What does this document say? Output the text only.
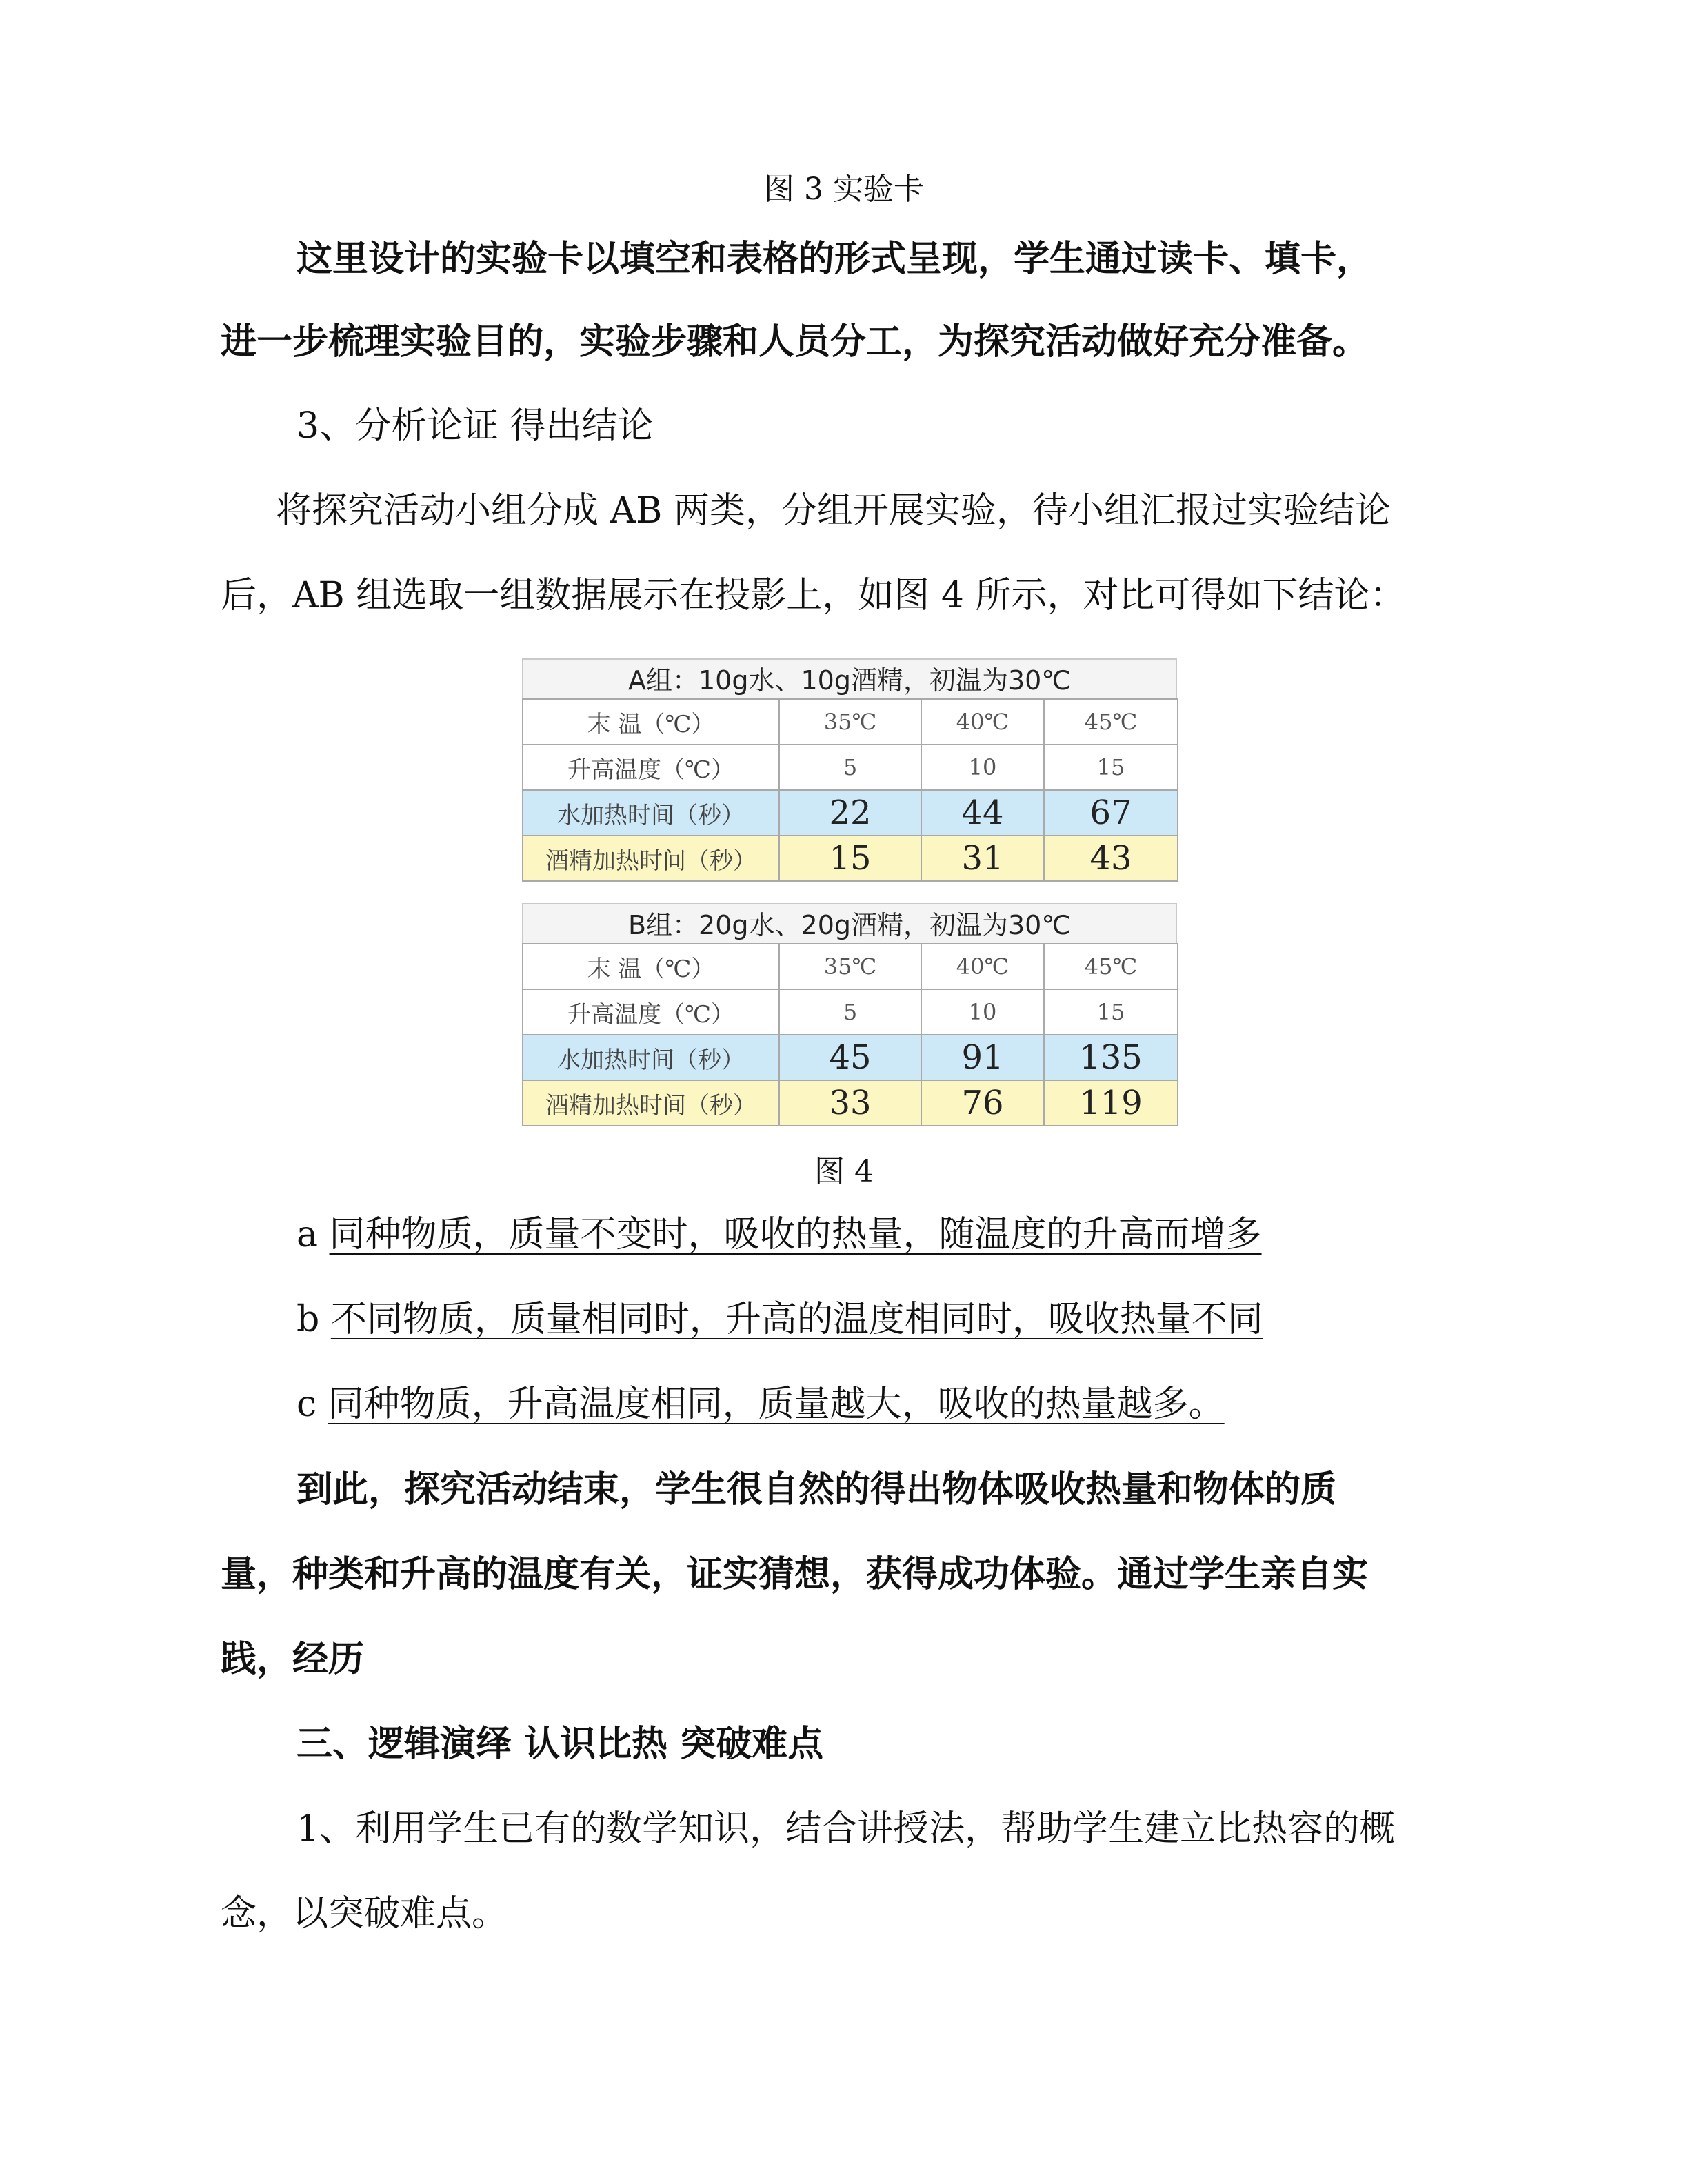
图 3 实验卡
这里设计的实验卡以填空和表格的形式呈现，学生通过读卡、填卡，
进一步梳理实验目的，实验步骤和人员分工，为探究活动做好充分准备。
3、分析论证 得出结论
将探究活动小组分成 AB 两类，分组开展实验，待小组汇报过实验结论
后，AB 组选取一组数据展示在投影上，如图 4 所示，对比可得如下结论：
A组：10g水、10g酒精，初温为30℃
末 温（℃）	35℃	40℃	45℃
升高温度（℃）	5	10	15
水加热时间（秒）	22	44	67
酒精加热时间（秒）	15	31	43
B组：20g水、20g酒精，初温为30℃
末 温（℃）	35℃	40℃	45℃
升高温度（℃）	5	10	15
水加热时间（秒）	45	91	135
酒精加热时间（秒）	33	76	119
图 4
a 同种物质，质量不变时，吸收的热量，随温度的升高而增多
b 不同物质，质量相同时，升高的温度相同时，吸收热量不同
c 同种物质，升高温度相同，质量越大，吸收的热量越多。
到此，探究活动结束，学生很自然的得出物体吸收热量和物体的质
量，种类和升高的温度有关，证实猜想，获得成功体验。通过学生亲自实
践，经历
三、逻辑演绎 认识比热 突破难点
1、利用学生已有的数学知识，结合讲授法，帮助学生建立比热容的概
念，以突破难点。
